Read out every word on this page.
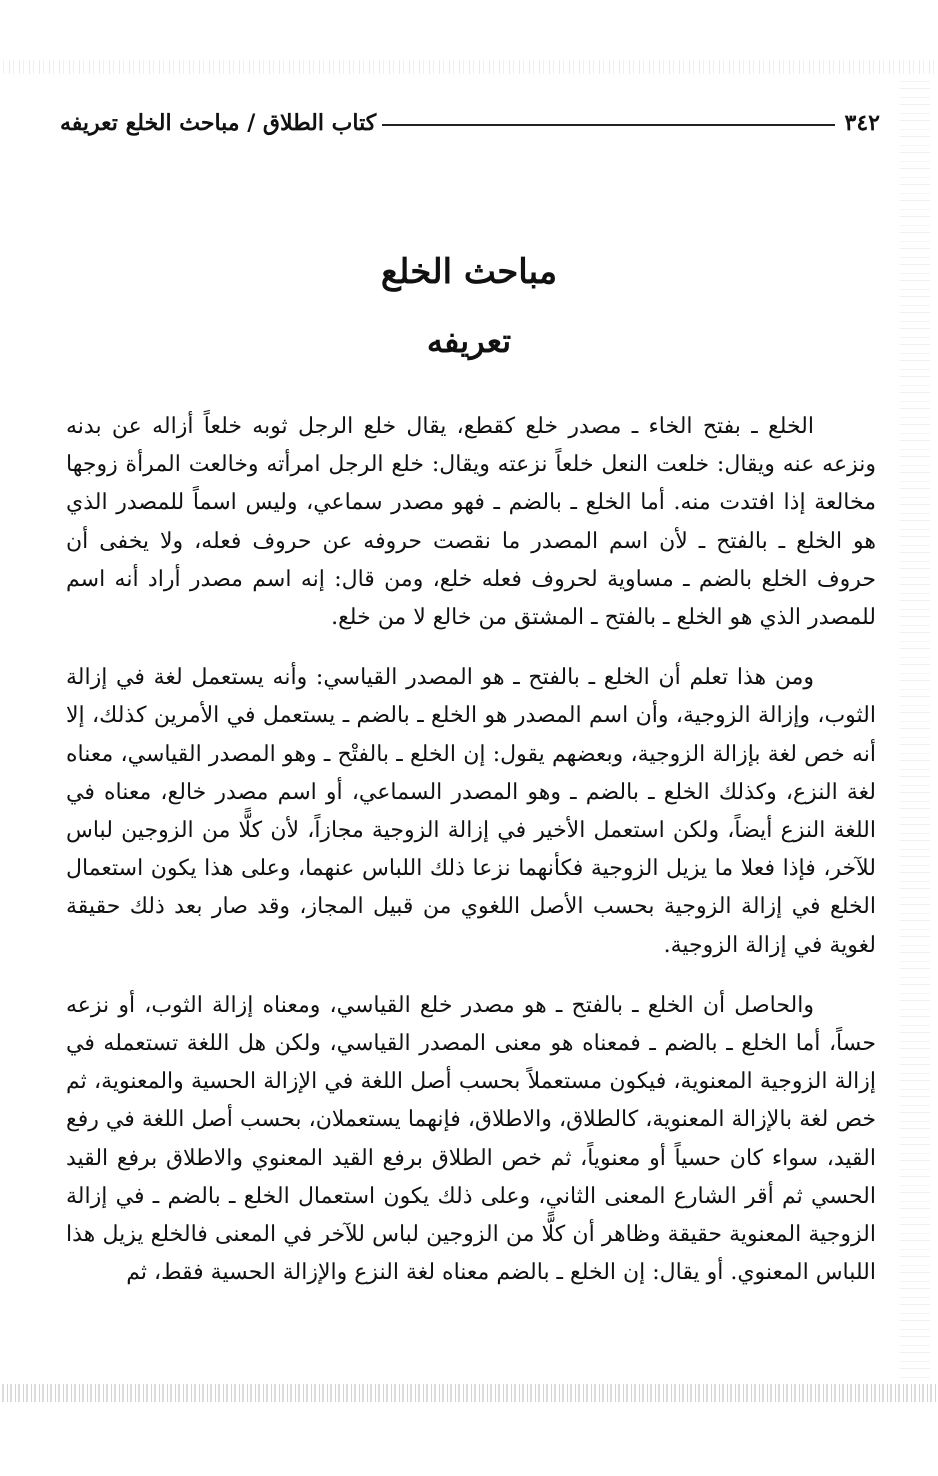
٣٤٢
كتاب الطلاق / مباحث الخلع تعريفه
مباحث الخلع
تعريفه

الخلع ـ بفتح الخاء ـ مصدر خلع كقطع، يقال خلع الرجل ثوبه خلعاً أزاله عن بدنه ونزعه عنه ويقال: خلعت النعل خلعاً نزعته ويقال: خلع الرجل امرأته وخالعت المرأة زوجها مخالعة إذا افتدت منه. أما الخلع ـ بالضم ـ فهو مصدر سماعي، وليس اسماً للمصدر الذي هو الخلع ـ بالفتح ـ لأن اسم المصدر ما نقصت حروفه عن حروف فعله، ولا يخفى أن حروف الخلع بالضم ـ مساوية لحروف فعله خلع، ومن قال: إنه اسم مصدر أراد أنه اسم للمصدر الذي هو الخلع ـ بالفتح ـ المشتق من خالع لا من خلع.

ومن هذا تعلم أن الخلع ـ بالفتح ـ هو المصدر القياسي: وأنه يستعمل لغة في إزالة الثوب، وإزالة الزوجية، وأن اسم المصدر هو الخلع ـ بالضم ـ يستعمل في الأمرين كذلك، إلا أنه خص لغة بإزالة الزوجية، وبعضهم يقول: إن الخلع ـ بالفتْح ـ وهو المصدر القياسي، معناه لغة النزع، وكذلك الخلع ـ بالضم ـ وهو المصدر السماعي، أو اسم مصدر خالع، معناه في اللغة النزع أيضاً، ولكن استعمل الأخير في إزالة الزوجية مجازاً، لأن كلًّا من الزوجين لباس للآخر، فإذا فعلا ما يزيل الزوجية فكأنهما نزعا ذلك اللباس عنهما، وعلى هذا يكون استعمال الخلع في إزالة الزوجية بحسب الأصل اللغوي من قبيل المجاز، وقد صار بعد ذلك حقيقة لغوية في إزالة الزوجية.

والحاصل أن الخلع ـ بالفتح ـ هو مصدر خلع القياسي، ومعناه إزالة الثوب، أو نزعه حساً، أما الخلع ـ بالضم ـ فمعناه هو معنى المصدر القياسي، ولكن هل اللغة تستعمله في إزالة الزوجية المعنوية، فيكون مستعملاً بحسب أصل اللغة في الإزالة الحسية والمعنوية، ثم خص لغة بالإزالة المعنوية، كالطلاق، والاطلاق، فإنهما يستعملان، بحسب أصل اللغة في رفع القيد، سواء كان حسياً أو معنوياً، ثم خص الطلاق برفع القيد المعنوي والاطلاق برفع القيد الحسي ثم أقر الشارع المعنى الثاني، وعلى ذلك يكون استعمال الخلع ـ بالضم ـ في إزالة الزوجية المعنوية حقيقة وظاهر أن كلًّا من الزوجين لباس للآخر في المعنى فالخلع يزيل هذا اللباس المعنوي. أو يقال: إن الخلع ـ بالضم معناه لغة النزع والإزالة الحسية فقط، ثم
